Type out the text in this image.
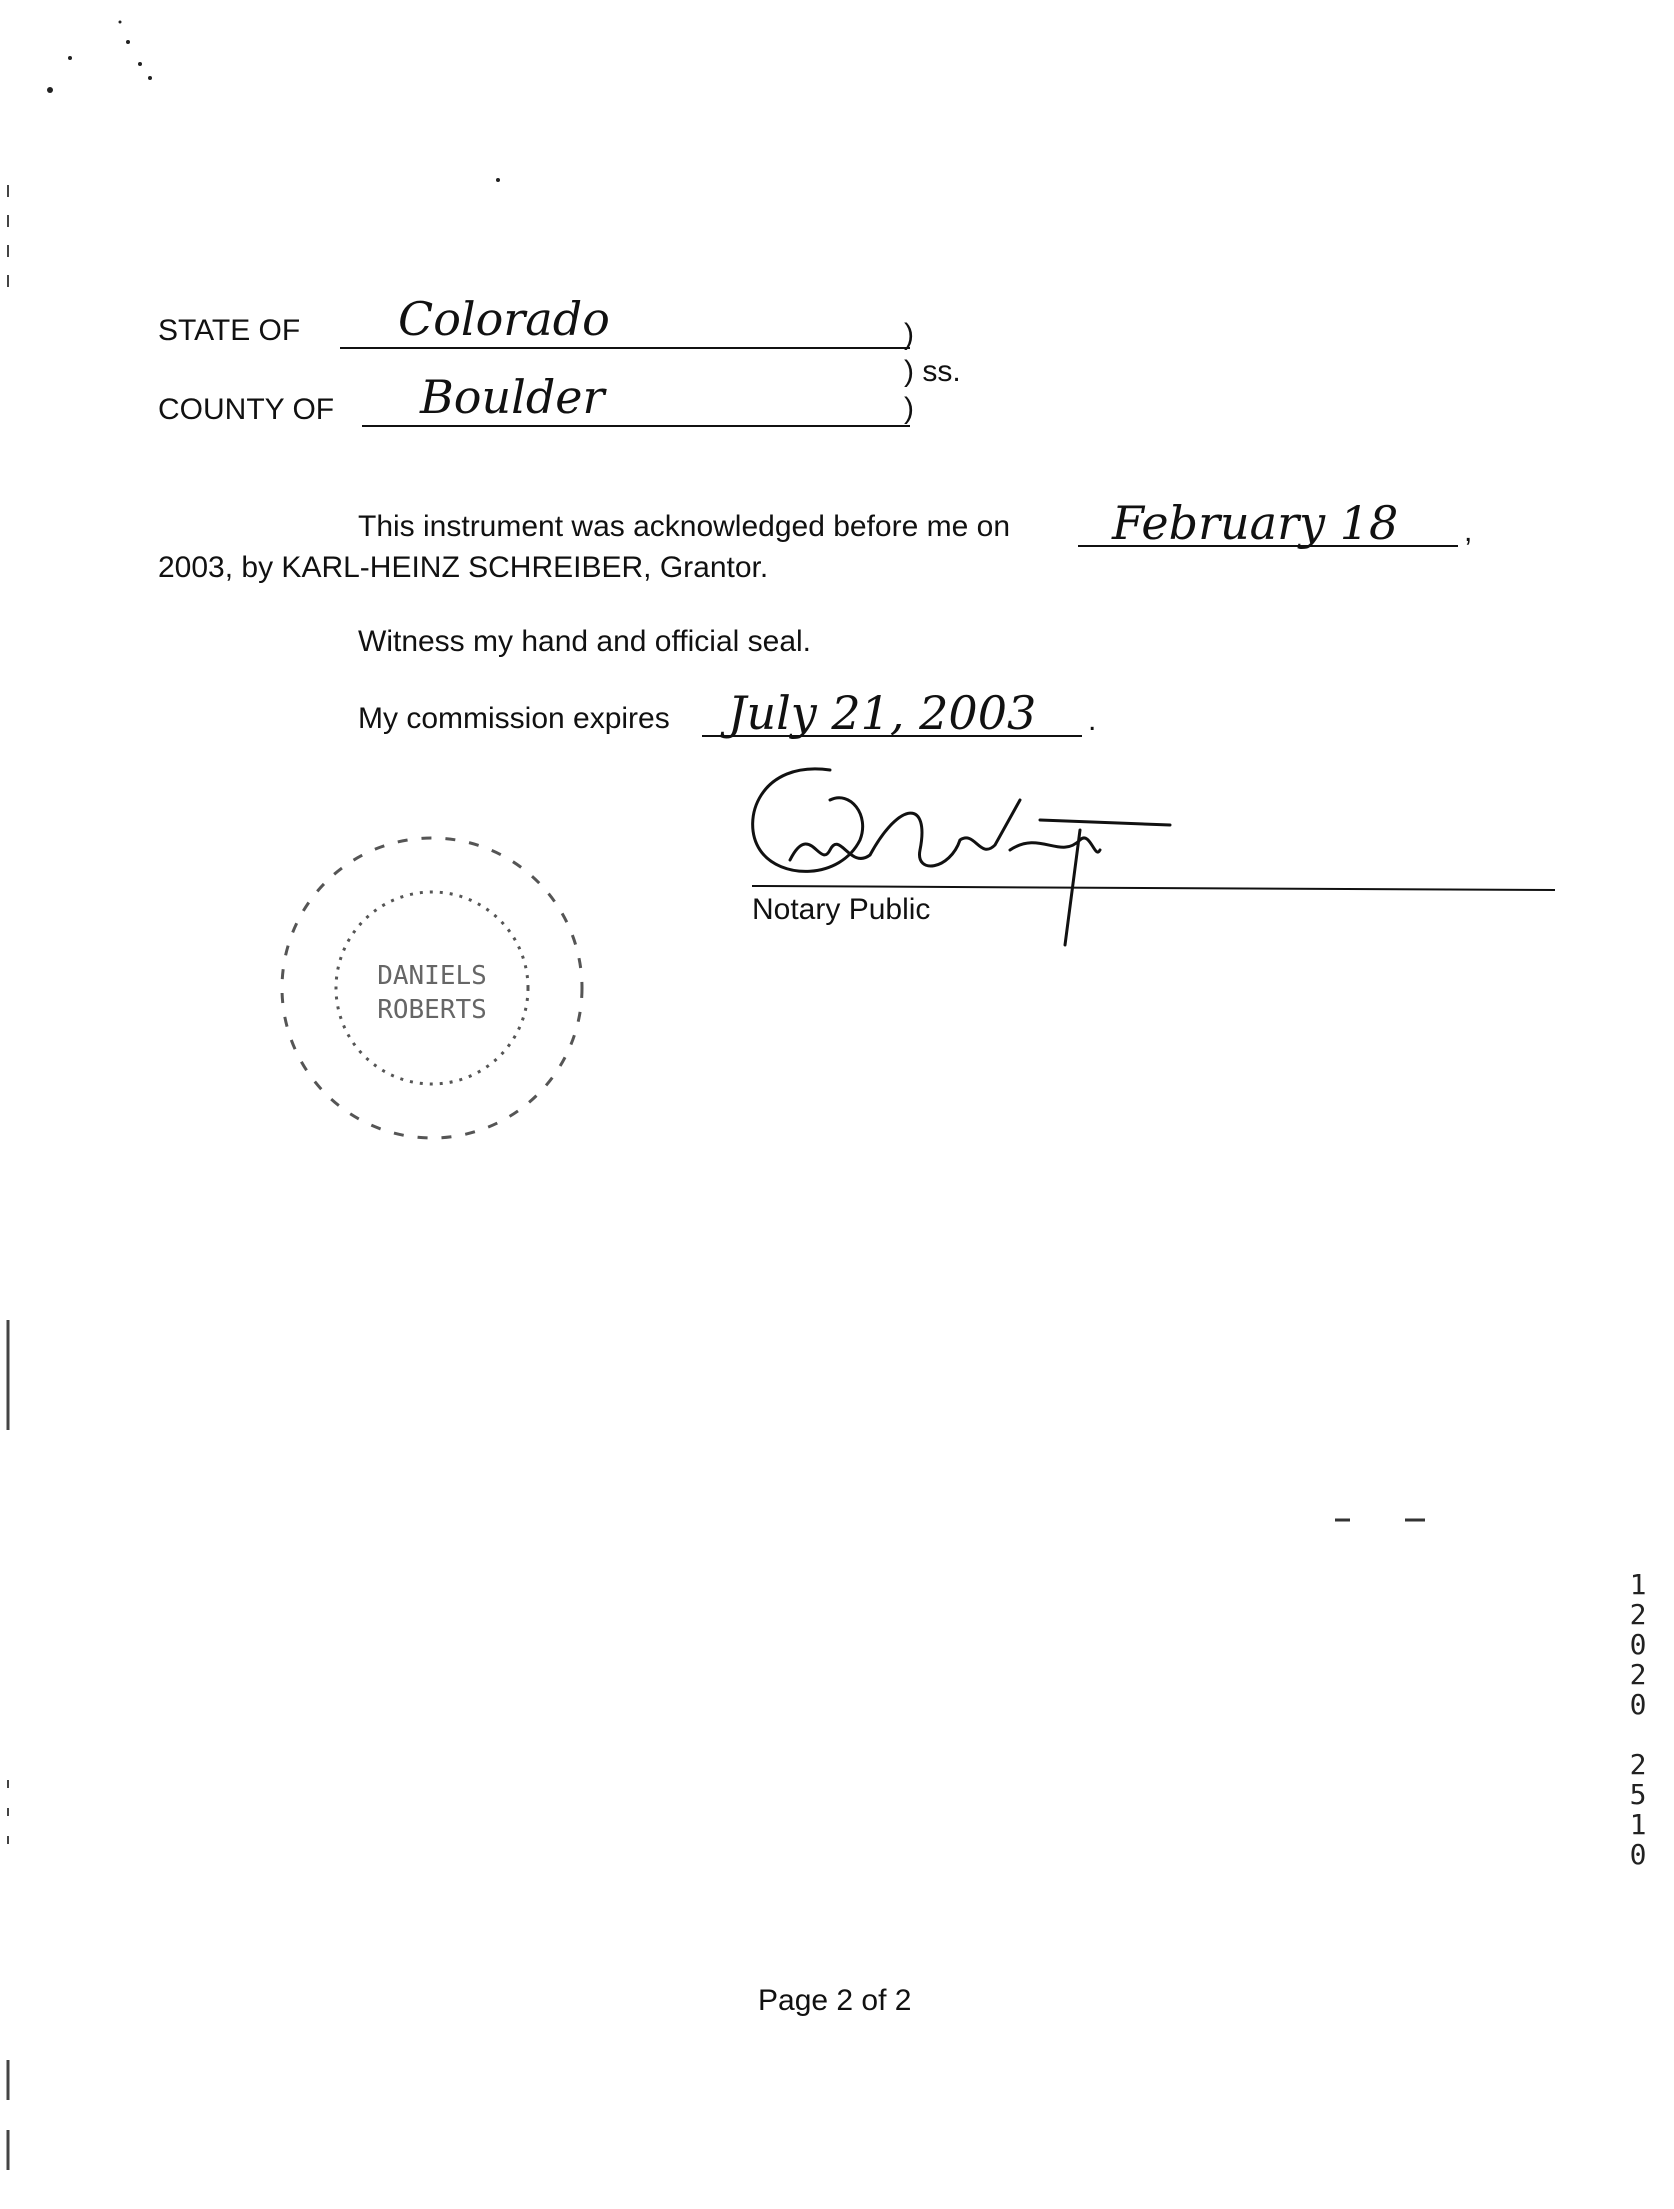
STATE OF Colorado
COUNTY OF Boulder
)
) ss.
)
This instrument was acknowledged before me on February 18 ,
2003, by KARL-HEINZ SCHREIBER, Grantor.
Witness my hand and official seal.
My commission expires July 21, 2003 .
Notary Public
DANIELS
ROBERTS
1
2
0
2
0

2
5
1
0
Page 2 of 2
